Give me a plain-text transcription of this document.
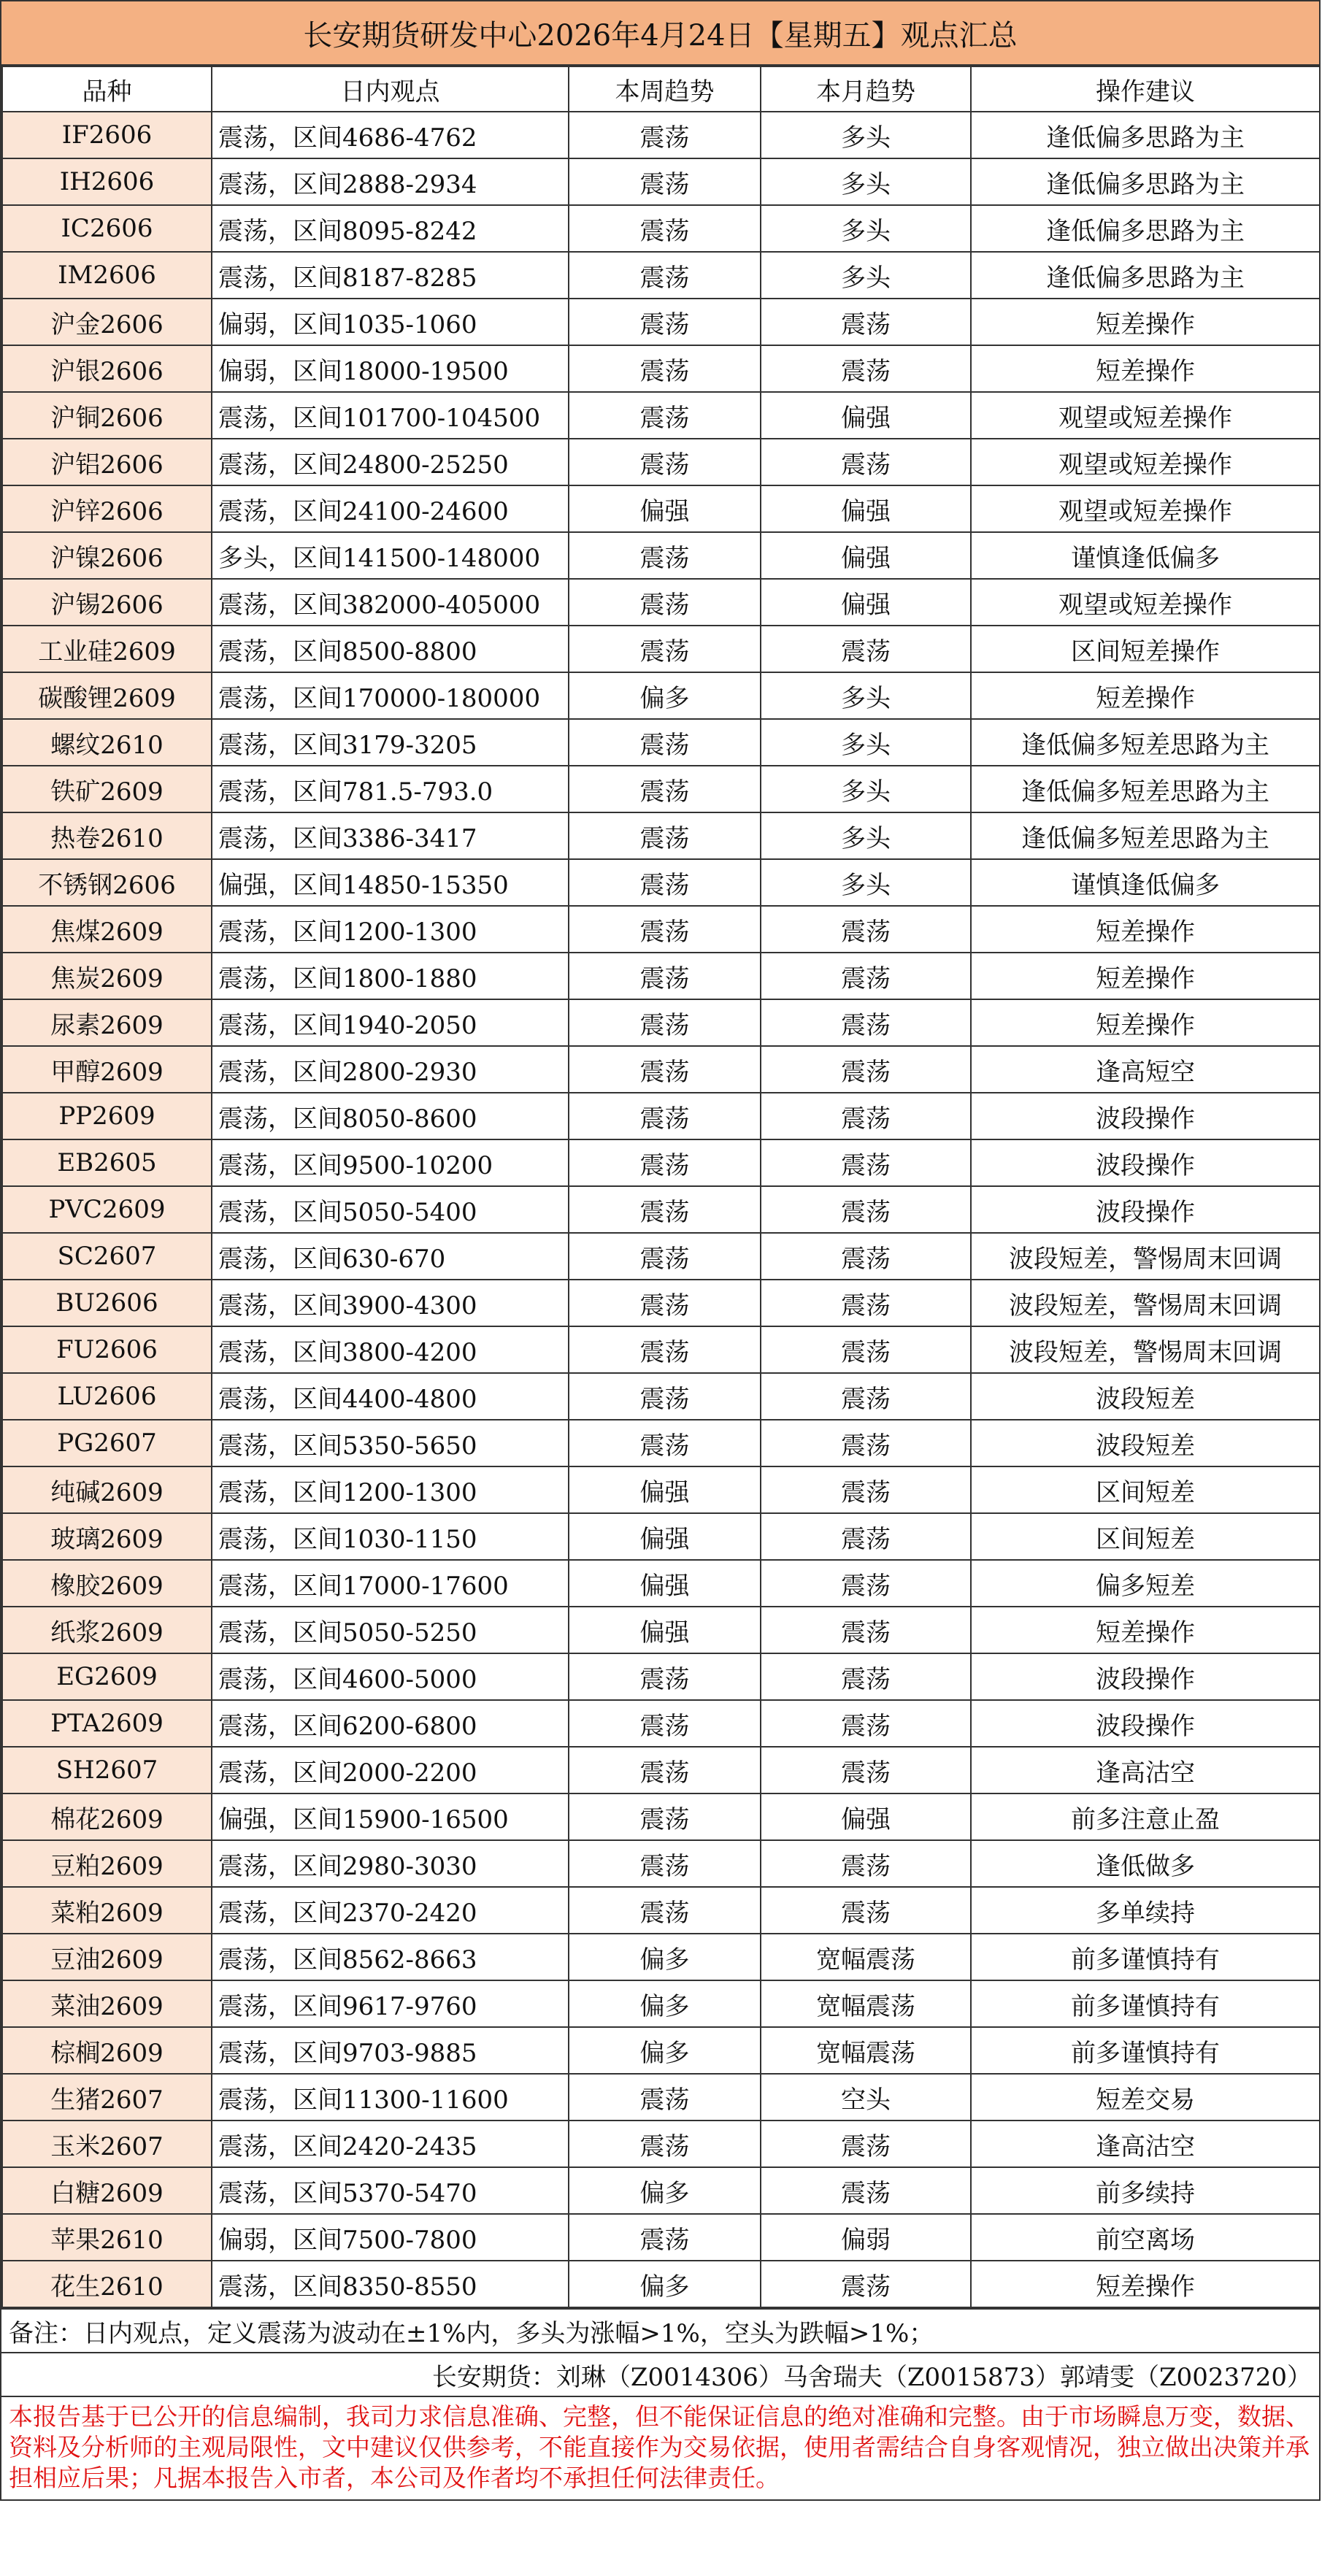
长安期货研发中心2026年4月24日【星期五】观点汇总
品种	日内观点	本周趋势	本月趋势	操作建议
IF2606	震荡，区间4686-4762	震荡	多头	逢低偏多思路为主
IH2606	震荡，区间2888-2934	震荡	多头	逢低偏多思路为主
IC2606	震荡，区间8095-8242	震荡	多头	逢低偏多思路为主
IM2606	震荡，区间8187-8285	震荡	多头	逢低偏多思路为主
沪金2606	偏弱，区间1035-1060	震荡	震荡	短差操作
沪银2606	偏弱，区间18000-19500	震荡	震荡	短差操作
沪铜2606	震荡，区间101700-104500	震荡	偏强	观望或短差操作
沪铝2606	震荡，区间24800-25250	震荡	震荡	观望或短差操作
沪锌2606	震荡，区间24100-24600	偏强	偏强	观望或短差操作
沪镍2606	多头，区间141500-148000	震荡	偏强	谨慎逢低偏多
沪锡2606	震荡，区间382000-405000	震荡	偏强	观望或短差操作
工业硅2609	震荡，区间8500-8800	震荡	震荡	区间短差操作
碳酸锂2609	震荡，区间170000-180000	偏多	多头	短差操作
螺纹2610	震荡，区间3179-3205	震荡	多头	逢低偏多短差思路为主
铁矿2609	震荡，区间781.5-793.0	震荡	多头	逢低偏多短差思路为主
热卷2610	震荡，区间3386-3417	震荡	多头	逢低偏多短差思路为主
不锈钢2606	偏强，区间14850-15350	震荡	多头	谨慎逢低偏多
焦煤2609	震荡，区间1200-1300	震荡	震荡	短差操作
焦炭2609	震荡，区间1800-1880	震荡	震荡	短差操作
尿素2609	震荡，区间1940-2050	震荡	震荡	短差操作
甲醇2609	震荡，区间2800-2930	震荡	震荡	逢高短空
PP2609	震荡，区间8050-8600	震荡	震荡	波段操作
EB2605	震荡，区间9500-10200	震荡	震荡	波段操作
PVC2609	震荡，区间5050-5400	震荡	震荡	波段操作
SC2607	震荡，区间630-670	震荡	震荡	波段短差，警惕周末回调
BU2606	震荡，区间3900-4300	震荡	震荡	波段短差，警惕周末回调
FU2606	震荡，区间3800-4200	震荡	震荡	波段短差，警惕周末回调
LU2606	震荡，区间4400-4800	震荡	震荡	波段短差
PG2607	震荡，区间5350-5650	震荡	震荡	波段短差
纯碱2609	震荡，区间1200-1300	偏强	震荡	区间短差
玻璃2609	震荡，区间1030-1150	偏强	震荡	区间短差
橡胶2609	震荡，区间17000-17600	偏强	震荡	偏多短差
纸浆2609	震荡，区间5050-5250	偏强	震荡	短差操作
EG2609	震荡，区间4600-5000	震荡	震荡	波段操作
PTA2609	震荡，区间6200-6800	震荡	震荡	波段操作
SH2607	震荡，区间2000-2200	震荡	震荡	逢高沽空
棉花2609	偏强，区间15900-16500	震荡	偏强	前多注意止盈
豆粕2609	震荡，区间2980-3030	震荡	震荡	逢低做多
菜粕2609	震荡，区间2370-2420	震荡	震荡	多单续持
豆油2609	震荡，区间8562-8663	偏多	宽幅震荡	前多谨慎持有
菜油2609	震荡，区间9617-9760	偏多	宽幅震荡	前多谨慎持有
棕榈2609	震荡，区间9703-9885	偏多	宽幅震荡	前多谨慎持有
生猪2607	震荡，区间11300-11600	震荡	空头	短差交易
玉米2607	震荡，区间2420-2435	震荡	震荡	逢高沽空
白糖2609	震荡，区间5370-5470	偏多	震荡	前多续持
苹果2610	偏弱，区间7500-7800	震荡	偏弱	前空离场
花生2610	震荡，区间8350-8550	偏多	震荡	短差操作
备注：日内观点，定义震荡为波动在±1%内，多头为涨幅>1%，空头为跌幅>1%；
长安期货：刘琳（Z0014306）马舍瑞夫（Z0015873）郭靖雯（Z0023720）
本报告基于已公开的信息编制，我司力求信息准确、完整，但不能保证信息的绝对准确和完整。由于市场瞬息万变，数据、资料及分析师的主观局限性，文中建议仅供参考，不能直接作为交易依据，使用者需结合自身客观情况，独立做出决策并承担相应后果；凡据本报告入市者，本公司及作者均不承担任何法律责任。
